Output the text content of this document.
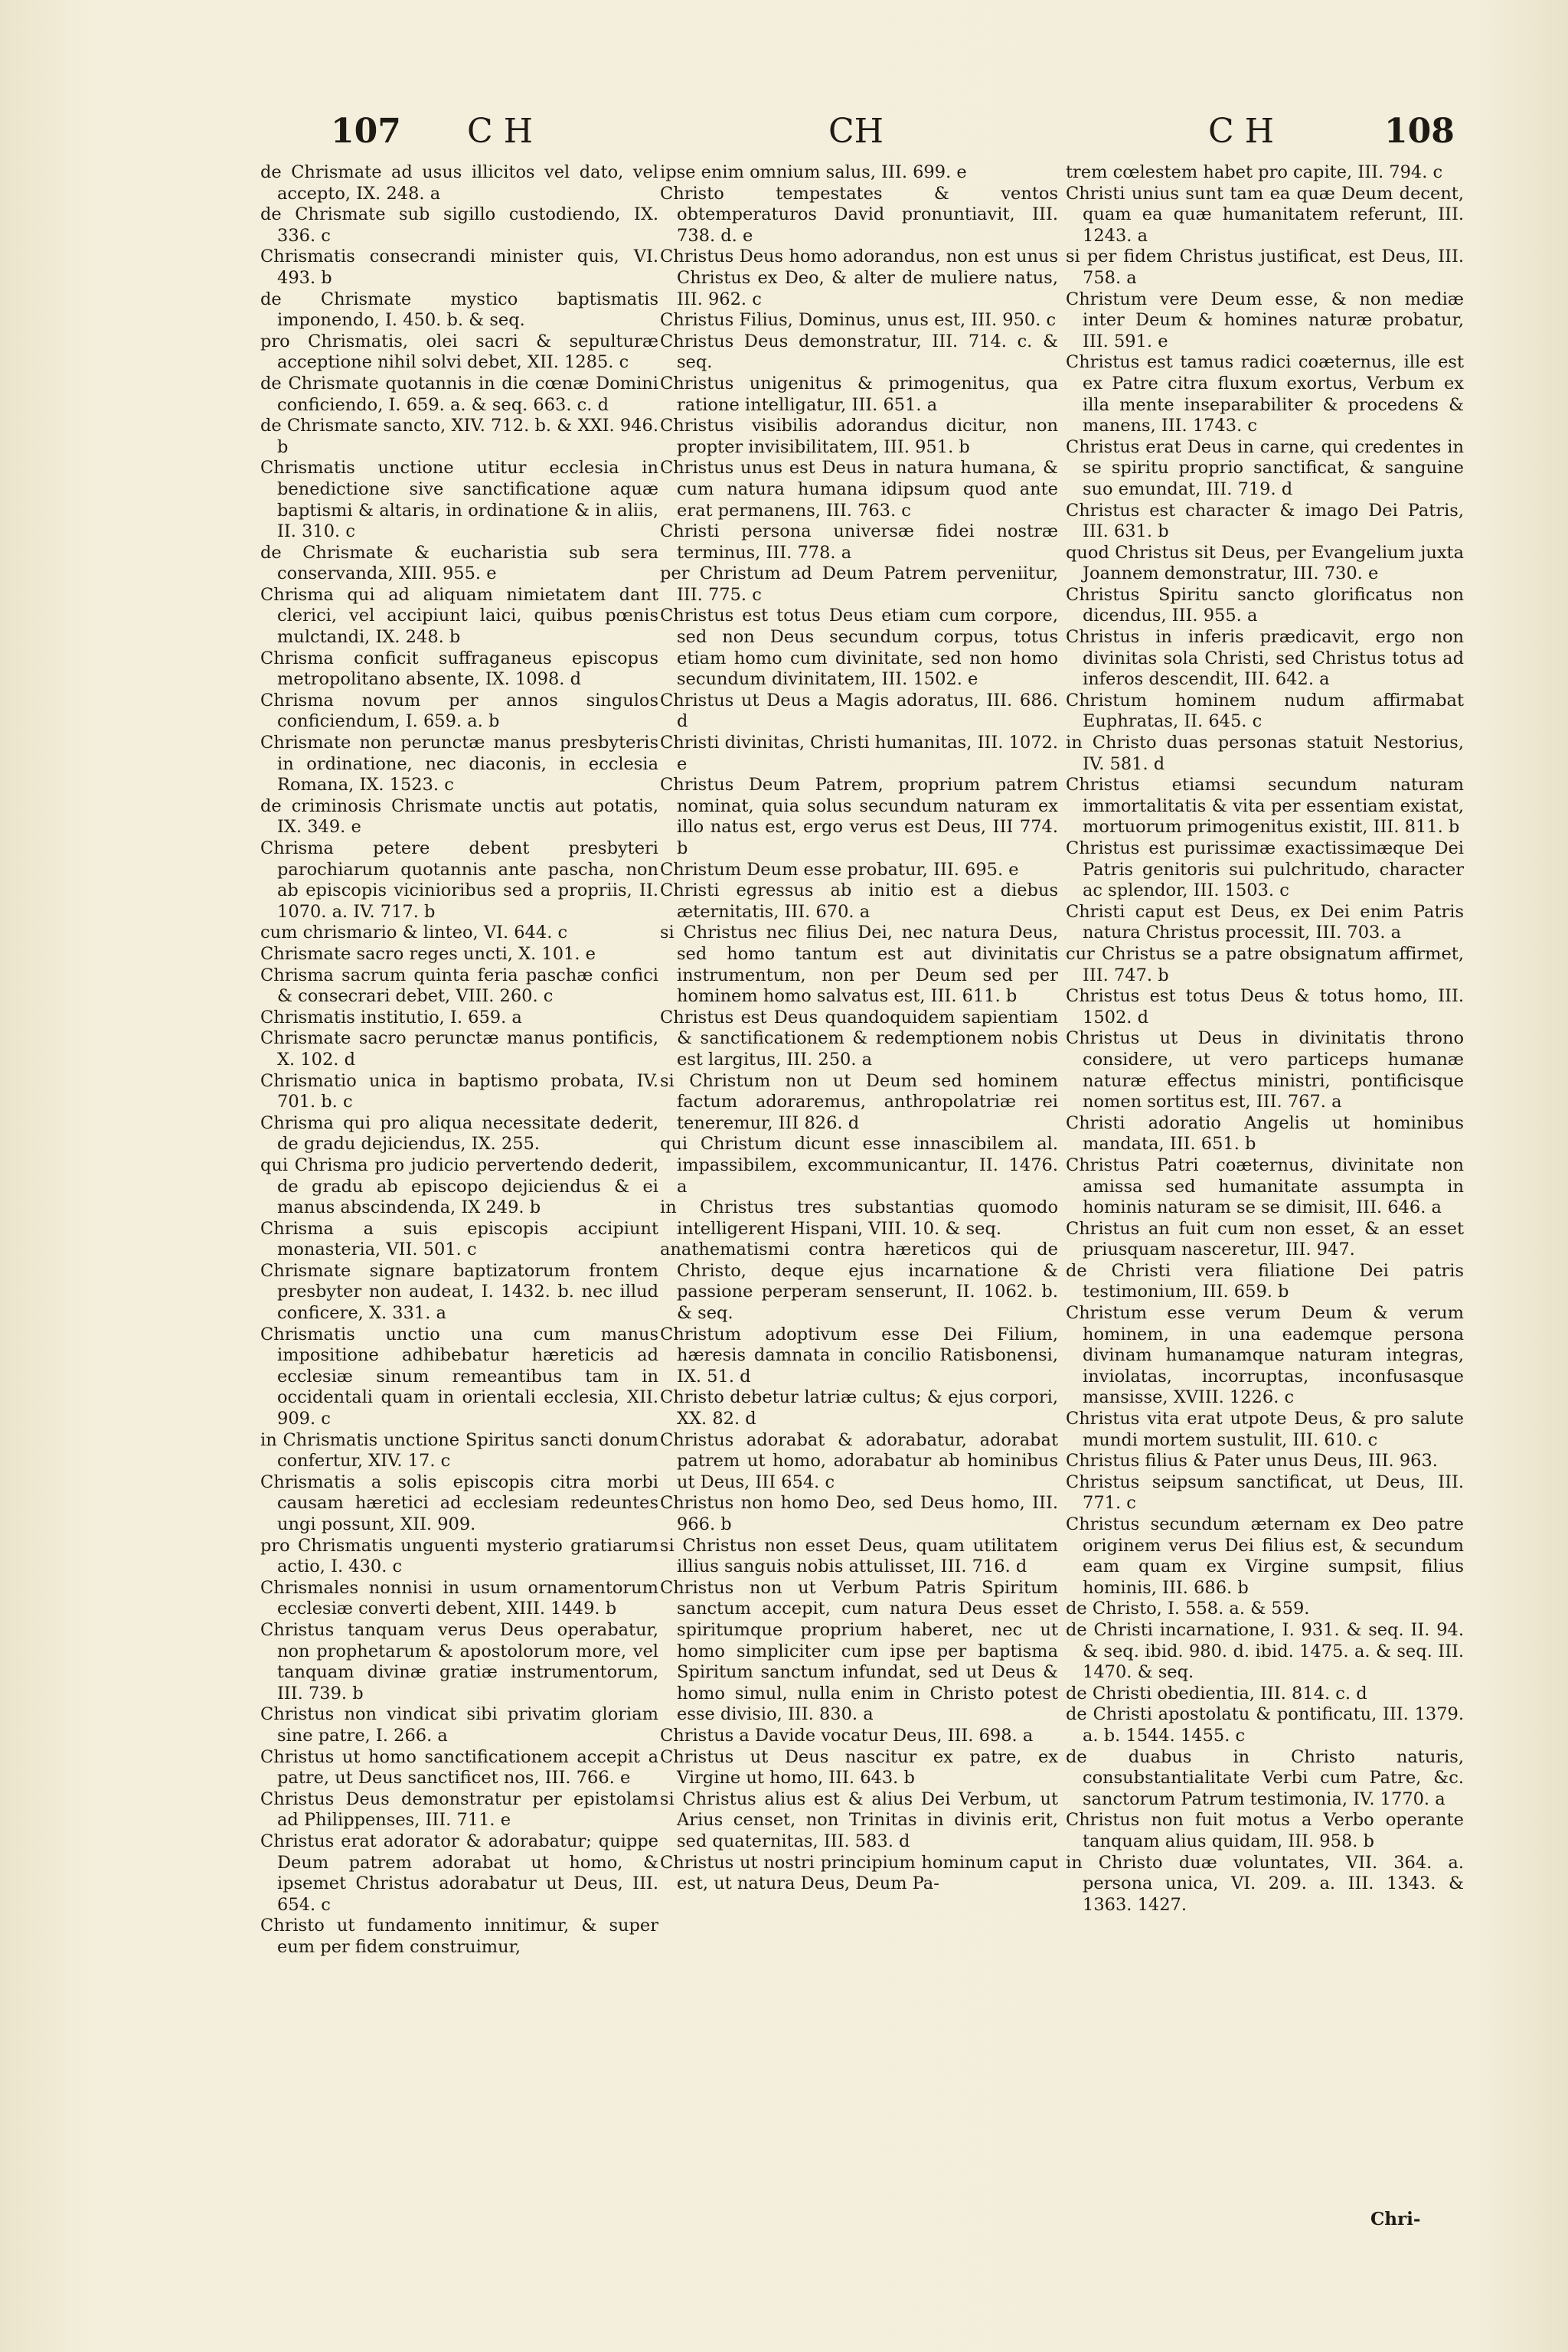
107 C H	CH	C H	108

de Chrismate ad usus illicitos vel dato, vel accepto, IX. 248. a

de Chrismate sub sigillo custodiendo, IX. 336. c

Chrismatis consecrandi minister quis, VI. 493. b

de Chrismate mystico baptismatis imponendo, I. 450. b. & seq.

pro Chrismatis, olei sacri & sepulturæ acceptione nihil solvi debet, XII. 1285. c

de Chrismate quotannis in die cœnæ Domini conficiendo, I. 659. a. & seq. 663. c. d

de Chrismate sancto, XIV. 712. b. & XXI. 946. b

Chrismatis unctione utitur ecclesia in benedictione sive sanctificatione aquæ baptismi & altaris, in ordinatione & in aliis, II. 310. c

de Chrismate & eucharistia sub sera conservanda, XIII. 955. e

Chrisma qui ad aliquam nimietatem dant clerici, vel accipiunt laici, quibus pœnis mulctandi, IX. 248. b

Chrisma conficit suffraganeus episcopus metropolitano absente, IX. 1098. d

Chrisma novum per annos singulos conficiendum, I. 659. a. b

Chrismate non perunctæ manus presbyteris in ordinatione, nec diaconis, in ecclesia Romana, IX. 1523. c

de criminosis Chrismate unctis aut potatis, IX. 349. e

Chrisma petere debent presbyteri parochiarum quotannis ante pascha, non ab episcopis vicinioribus sed a propriis, II. 1070. a. IV. 717. b

cum chrismario & linteo, VI. 644. c

Chrismate sacro reges uncti, X. 101. e

Chrisma sacrum quinta feria paschæ confici & consecrari debet, VIII. 260. c

Chrismatis institutio, I. 659. a

Chrismate sacro perunctæ manus pontificis, X. 102. d

Chrismatio unica in baptismo probata, IV. 701. b. c

Chrisma qui pro aliqua necessitate dederit, de gradu dejiciendus, IX. 255.

qui Chrisma pro judicio pervertendo dederit, de gradu ab episcopo dejiciendus & ei manus abscindenda, IX 249. b

Chrisma a suis episcopis accipiunt monasteria, VII. 501. c

Chrismate signare baptizatorum frontem presbyter non audeat, I. 1432. b. nec illud conficere, X. 331. a

Chrismatis unctio una cum manus impositione adhibebatur hæreticis ad ecclesiæ sinum remeantibus tam in occidentali quam in orientali ecclesia, XII. 909. c

in Chrismatis unctione Spiritus sancti donum confertur, XIV. 17. c

Chrismatis a solis episcopis citra morbi causam hæretici ad ecclesiam redeuntes ungi possunt, XII. 909.

pro Chrismatis unguenti mysterio gratiarum actio, I. 430. c

Chrismales nonnisi in usum ornamentorum ecclesiæ converti debent, XIII. 1449. b

Christus tanquam verus Deus operabatur, non prophetarum & apostolorum more, vel tanquam divinæ gratiæ instrumentorum, III. 739. b

Christus non vindicat sibi privatim gloriam sine patre, I. 266. a

Christus ut homo sanctificationem accepit a patre, ut Deus sanctificet nos, III. 766. e

Christus Deus demonstratur per epistolam ad Philippenses, III. 711. e

Christus erat adorator & adorabatur; quippe Deum patrem adorabat ut homo, & ipsemet Christus adorabatur ut Deus, III. 654. c

Christo ut fundamento innitimur, & super eum per fidem construimur,

ipse enim omnium salus, III. 699. e

Christo tempestates & ventos obtemperaturos David pronuntiavit, III. 738. d. e

Christus Deus homo adorandus, non est unus Christus ex Deo, & alter de muliere natus, III. 962. c

Christus Filius, Dominus, unus est, III. 950. c

Christus Deus demonstratur, III. 714. c. & seq.

Christus unigenitus & primogenitus, qua ratione intelligatur, III. 651. a

Christus visibilis adorandus dicitur, non propter invisibilitatem, III. 951. b

Christus unus est Deus in natura humana, & cum natura humana idipsum quod ante erat permanens, III. 763. c

Christi persona universæ fidei nostræ terminus, III. 778. a

per Christum ad Deum Patrem perveniitur, III. 775. c

Christus est totus Deus etiam cum corpore, sed non Deus secundum corpus, totus etiam homo cum divinitate, sed non homo secundum divinitatem, III. 1502. e

Christus ut Deus a Magis adoratus, III. 686. d

Christi divinitas, Christi humanitas, III. 1072. e

Christus Deum Patrem, proprium patrem nominat, quia solus secundum naturam ex illo natus est, ergo verus est Deus, III 774. b

Christum Deum esse probatur, III. 695. e

Christi egressus ab initio est a diebus æternitatis, III. 670. a

si Christus nec filius Dei, nec natura Deus, sed homo tantum est aut divinitatis instrumentum, non per Deum sed per hominem homo salvatus est, III. 611. b

Christus est Deus quandoquidem sapientiam & sanctificationem & redemptionem nobis est largitus, III. 250. a

si Christum non ut Deum sed hominem factum adoraremus, anthropolatriæ rei teneremur, III 826. d

qui Christum dicunt esse innascibilem al. impassibilem, excommunicantur, II. 1476. a

in Christus tres substantias quomodo intelligerent Hispani, VIII. 10. & seq.

anathematismi contra hæreticos qui de Christo, deque ejus incarnatione & passione perperam senserunt, II. 1062. b. & seq.

Christum adoptivum esse Dei Filium, hæresis damnata in concilio Ratisbonensi, IX. 51. d

Christo debetur latriæ cultus; & ejus corpori, XX. 82. d

Christus adorabat & adorabatur, adorabat patrem ut homo, adorabatur ab hominibus ut Deus, III 654. c

Christus non homo Deo, sed Deus homo, III. 966. b

si Christus non esset Deus, quam utilitatem illius sanguis nobis attulisset, III. 716. d

Christus non ut Verbum Patris Spiritum sanctum accepit, cum natura Deus esset spiritumque proprium haberet, nec ut homo simpliciter cum ipse per baptisma Spiritum sanctum infundat, sed ut Deus & homo simul, nulla enim in Christo potest esse divisio, III. 830. a

Christus a Davide vocatur Deus, III. 698. a

Christus ut Deus nascitur ex patre, ex Virgine ut homo, III. 643. b

si Christus alius est & alius Dei Verbum, ut Arius censet, non Trinitas in divinis erit, sed quaternitas, III. 583. d

Christus ut nostri principium hominum caput est, ut natura Deus, Deum Pa-

trem cœlestem habet pro capite, III. 794. c

Christi unius sunt tam ea quæ Deum decent, quam ea quæ humanitatem referunt, III. 1243. a

si per fidem Christus justificat, est Deus, III. 758. a

Christum vere Deum esse, & non mediæ inter Deum & homines naturæ probatur, III. 591. e

Christus est tamus radici coæternus, ille est ex Patre citra fluxum exortus, Verbum ex illa mente inseparabiliter & procedens & manens, III. 1743. c

Christus erat Deus in carne, qui credentes in se spiritu proprio sanctificat, & sanguine suo emundat, III. 719. d

Christus est character & imago Dei Patris, III. 631. b

quod Christus sit Deus, per Evangelium juxta Joannem demonstratur, III. 730. e

Christus Spiritu sancto glorificatus non dicendus, III. 955. a

Christus in inferis prædicavit, ergo non divinitas sola Christi, sed Christus totus ad inferos descendit, III. 642. a

Christum hominem nudum affirmabat Euphratas, II. 645. c

in Christo duas personas statuit Nestorius, IV. 581. d

Christus etiamsi secundum naturam immortalitatis & vita per essentiam existat, mortuorum primogenitus existit, III. 811. b

Christus est purissimæ exactissimæque Dei Patris genitoris sui pulchritudo, character ac splendor, III. 1503. c

Christi caput est Deus, ex Dei enim Patris natura Christus processit, III. 703. a

cur Christus se a patre obsignatum affirmet, III. 747. b

Christus est totus Deus & totus homo, III. 1502. d

Christus ut Deus in divinitatis throno considere, ut vero particeps humanæ naturæ effectus ministri, pontificisque nomen sortitus est, III. 767. a

Christi adoratio Angelis ut hominibus mandata, III. 651. b

Christus Patri coæternus, divinitate non amissa sed humanitate assumpta in hominis naturam se se dimisit, III. 646. a

Christus an fuit cum non esset, & an esset priusquam nasceretur, III. 947.

de Christi vera filiatione Dei patris testimonium, III. 659. b

Christum esse verum Deum & verum hominem, in una eademque persona divinam humanamque naturam integras, inviolatas, incorruptas, inconfusasque mansisse, XVIII. 1226. c

Christus vita erat utpote Deus, & pro salute mundi mortem sustulit, III. 610. c

Christus filius & Pater unus Deus, III. 963.

Christus seipsum sanctificat, ut Deus, III. 771. c

Christus secundum æternam ex Deo patre originem verus Dei filius est, & secundum eam quam ex Virgine sumpsit, filius hominis, III. 686. b

de Christo, I. 558. a. & 559.

de Christi incarnatione, I. 931. & seq. II. 94. & seq. ibid. 980. d. ibid. 1475. a. & seq. III. 1470. & seq.

de Christi obedientia, III. 814. c. d

de Christi apostolatu & pontificatu, III. 1379. a. b. 1544. 1455. c

de duabus in Christo naturis, consubstantialitate Verbi cum Patre, &c. sanctorum Patrum testimonia, IV. 1770. a

Christus non fuit motus a Verbo operante tanquam alius quidam, III. 958. b

in Christo duæ voluntates, VII. 364. a. persona unica, VI. 209. a. III. 1343. & 1363. 1427.

Chri-
